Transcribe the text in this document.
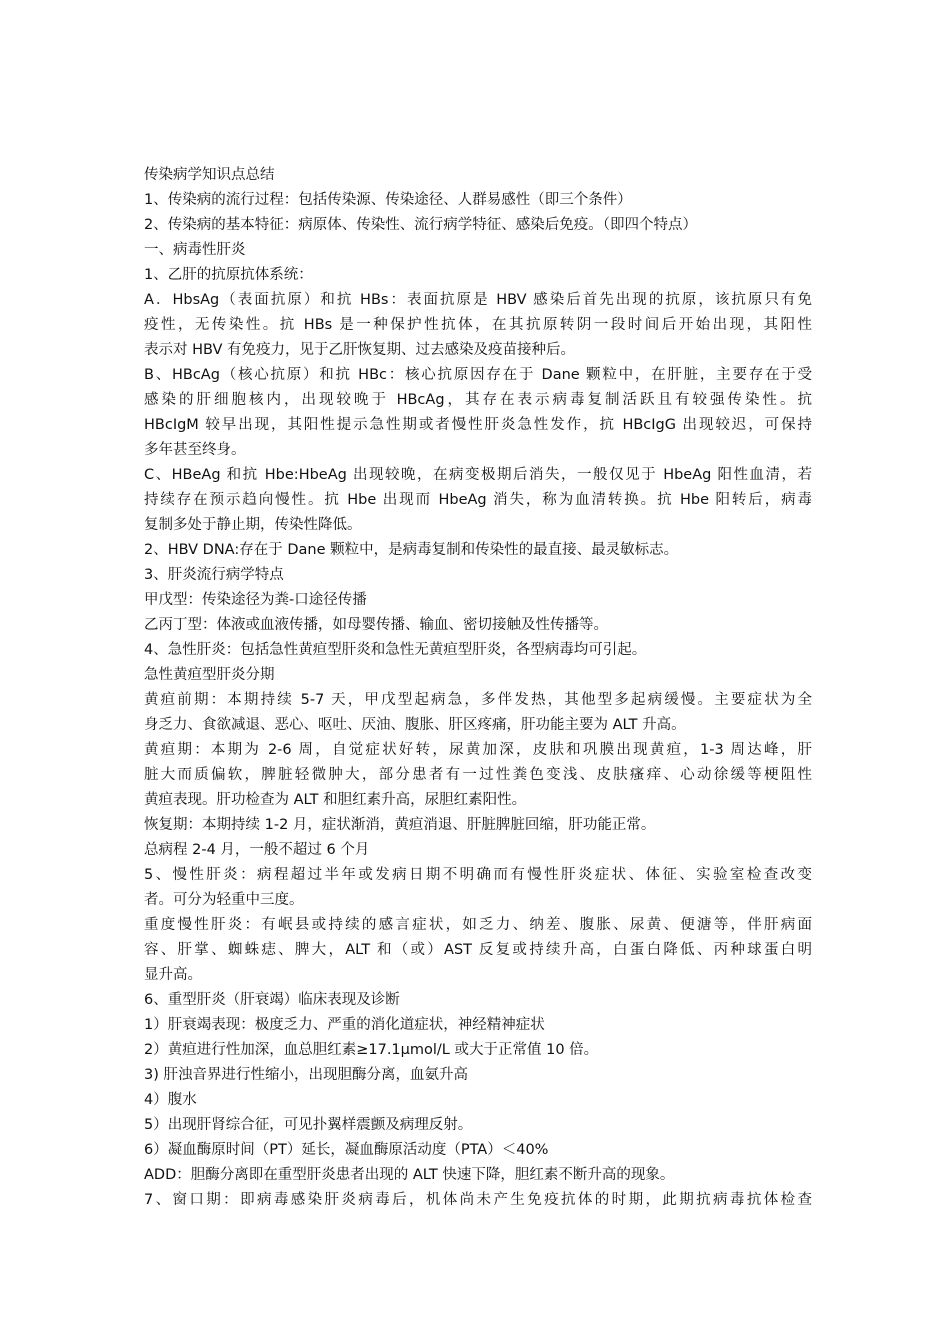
传染病学知识点总结
1、传染病的流行过程：包括传染源、传染途径、人群易感性（即三个条件）
2、传染病的基本特征：病原体、传染性、流行病学特征、感染后免疫。（即四个特点）
一、病毒性肝炎
1、乙肝的抗原抗体系统：
A．HbsAg（表面抗原）和抗 HBs：表面抗原是 HBV 感染后首先出现的抗原，该抗原只有免
疫性，无传染性。抗 HBs 是一种保护性抗体，在其抗原转阴一段时间后开始出现，其阳性
表示对 HBV 有免疫力，见于乙肝恢复期、过去感染及疫苗接种后。
B、HBcAg（核心抗原）和抗 HBc：核心抗原因存在于 Dane 颗粒中，在肝脏，主要存在于受
感染的肝细胞核内，出现较晚于 HBcAg，其存在表示病毒复制活跃且有较强传染性。抗
HBcIgM 较早出现，其阳性提示急性期或者慢性肝炎急性发作，抗 HBcIgG 出现较迟，可保持
多年甚至终身。
C、HBeAg 和抗 Hbe:HbeAg 出现较晚，在病变极期后消失，一般仅见于 HbeAg 阳性血清，若
持续存在预示趋向慢性。抗 Hbe 出现而 HbeAg 消失，称为血清转换。抗 Hbe 阳转后，病毒
复制多处于静止期，传染性降低。
2、HBV DNA:存在于 Dane 颗粒中，是病毒复制和传染性的最直接、最灵敏标志。
3、肝炎流行病学特点
甲戊型：传染途径为粪-口途径传播
乙丙丁型：体液或血液传播，如母婴传播、输血、密切接触及性传播等。
4、急性肝炎：包括急性黄疸型肝炎和急性无黄疸型肝炎，各型病毒均可引起。
急性黄疸型肝炎分期
黄疸前期：本期持续 5-7 天，甲戊型起病急，多伴发热，其他型多起病缓慢。主要症状为全
身乏力、食欲减退、恶心、呕吐、厌油、腹胀、肝区疼痛，肝功能主要为 ALT 升高。
黄疸期：本期为 2-6 周，自觉症状好转，尿黄加深，皮肤和巩膜出现黄疸，1-3 周达峰，肝
脏大而质偏软，脾脏轻微肿大，部分患者有一过性粪色变浅、皮肤瘙痒、心动徐缓等梗阻性
黄疸表现。肝功检查为 ALT 和胆红素升高，尿胆红素阳性。
恢复期：本期持续 1-2 月，症状渐消，黄疸消退、肝脏脾脏回缩，肝功能正常。
总病程 2-4 月，一般不超过 6 个月
5、慢性肝炎：病程超过半年或发病日期不明确而有慢性肝炎症状、体征、实验室检查改变
者。可分为轻重中三度。
重度慢性肝炎：有岷县或持续的感言症状，如乏力、纳差、腹胀、尿黄、便溏等，伴肝病面
容、肝掌、蜘蛛痣、脾大，ALT 和（或）AST 反复或持续升高，白蛋白降低、丙种球蛋白明
显升高。
6、重型肝炎（肝衰竭）临床表现及诊断
1）肝衰竭表现：极度乏力、严重的消化道症状，神经精神症状
2）黄疸进行性加深，血总胆红素≥17.1μmol/L 或大于正常值 10 倍。
3) 肝浊音界进行性缩小，出现胆酶分离，血氨升高
4）腹水
5）出现肝肾综合征，可见扑翼样震颤及病理反射。
6）凝血酶原时间（PT）延长，凝血酶原活动度（PTA）＜40%
ADD：胆酶分离即在重型肝炎患者出现的 ALT 快速下降，胆红素不断升高的现象。
7、窗口期：即病毒感染肝炎病毒后，机体尚未产生免疫抗体的时期，此期抗病毒抗体检查
